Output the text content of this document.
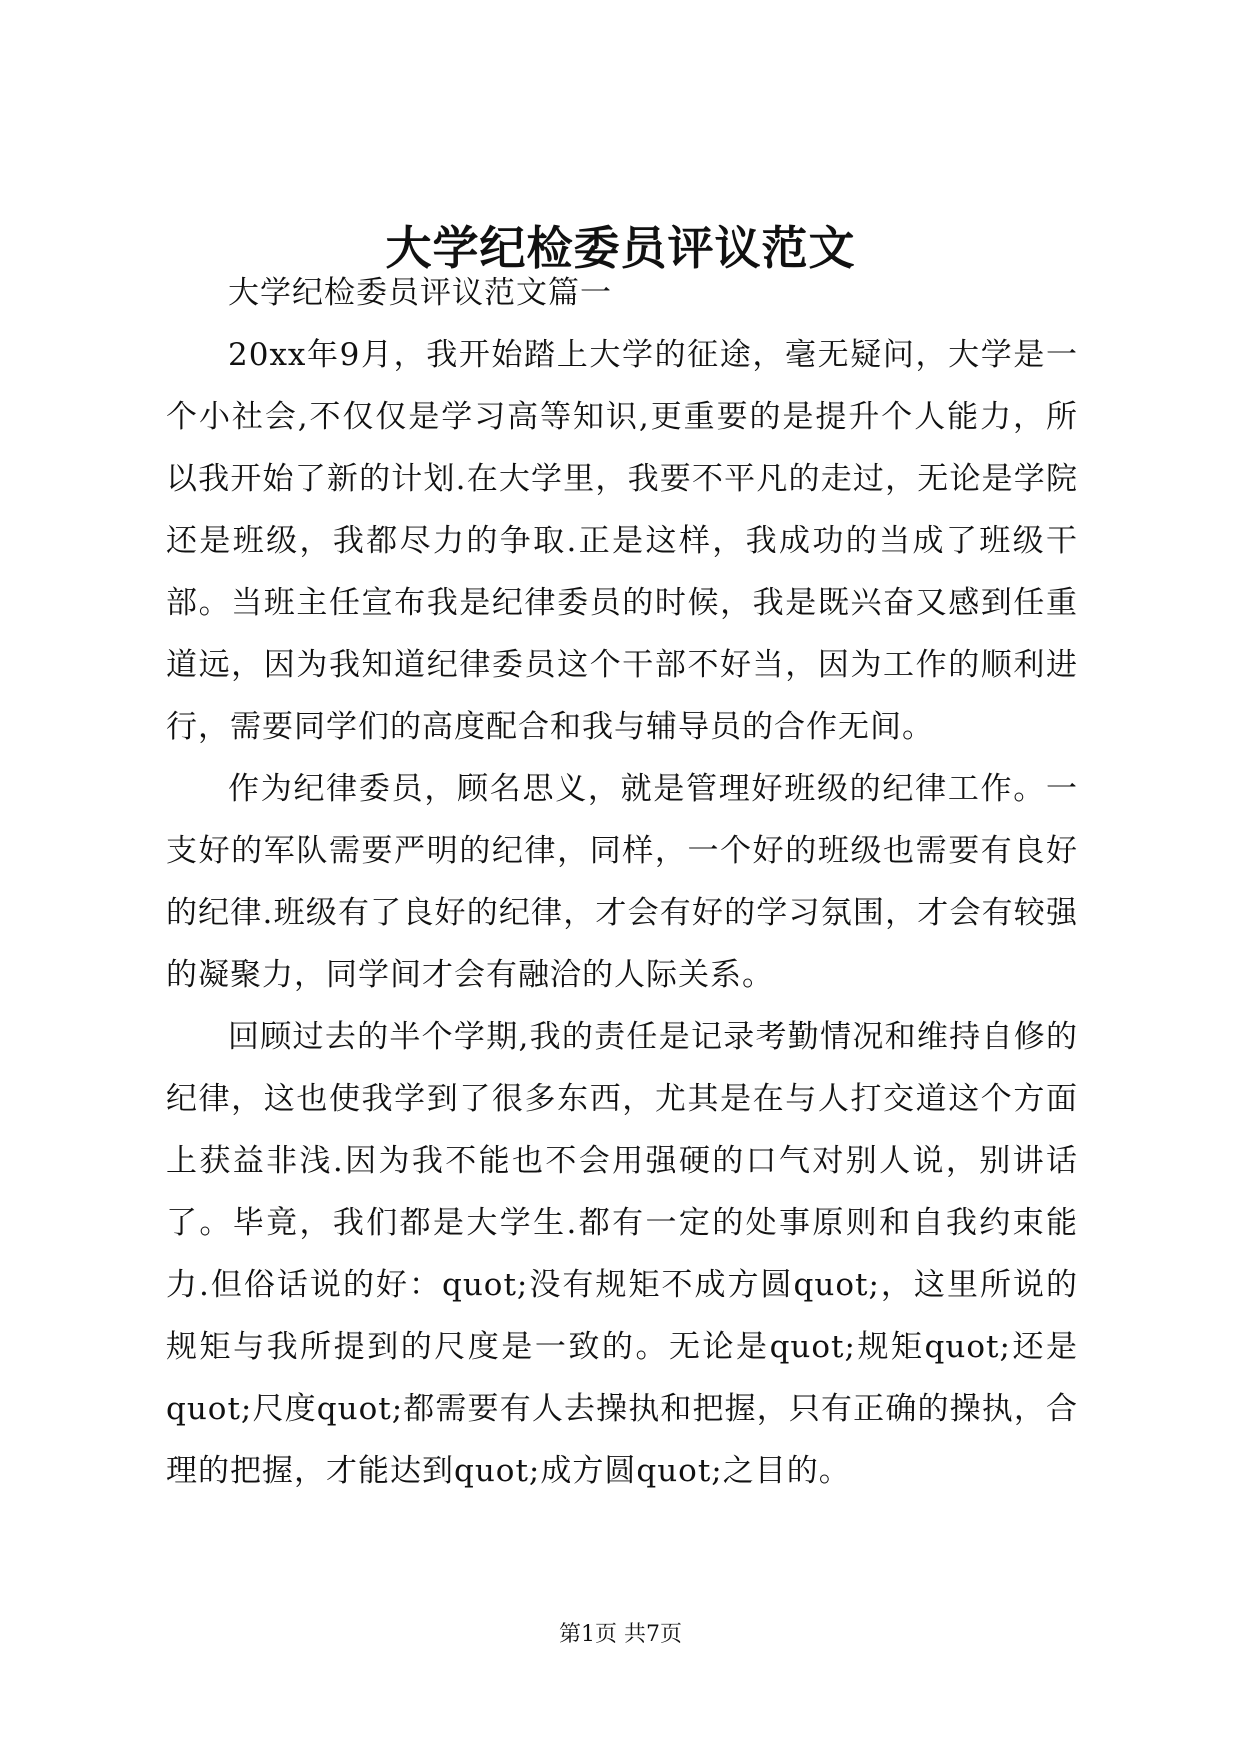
大学纪检委员评议范文

大学纪检委员评议范文篇一

20xx年9月，我开始踏上大学的征途，毫无疑问，大学是一个小社会,不仅仅是学习高等知识,更重要的是提升个人能力，所以我开始了新的计划.在大学里，我要不平凡的走过，无论是学院还是班级，我都尽力的争取.正是这样，我成功的当成了班级干部。当班主任宣布我是纪律委员的时候，我是既兴奋又感到任重道远，因为我知道纪律委员这个干部不好当，因为工作的顺利进行，需要同学们的高度配合和我与辅导员的合作无间。

作为纪律委员，顾名思义，就是管理好班级的纪律工作。一支好的军队需要严明的纪律，同样，一个好的班级也需要有良好的纪律.班级有了良好的纪律，才会有好的学习氛围，才会有较强的凝聚力，同学间才会有融洽的人际关系。

回顾过去的半个学期,我的责任是记录考勤情况和维持自修的纪律，这也使我学到了很多东西，尤其是在与人打交道这个方面上获益非浅.因为我不能也不会用强硬的口气对别人说，别讲话了。毕竟，我们都是大学生.都有一定的处事原则和自我约束能力.但俗话说的好：quot;没有规矩不成方圆quot;，这里所说的规矩与我所提到的尺度是一致的。无论是quot;规矩quot;还是quot;尺度quot;都需要有人去操执和把握，只有正确的操执，合理的把握，才能达到quot;成方圆quot;之目的。

第1页 共7页
